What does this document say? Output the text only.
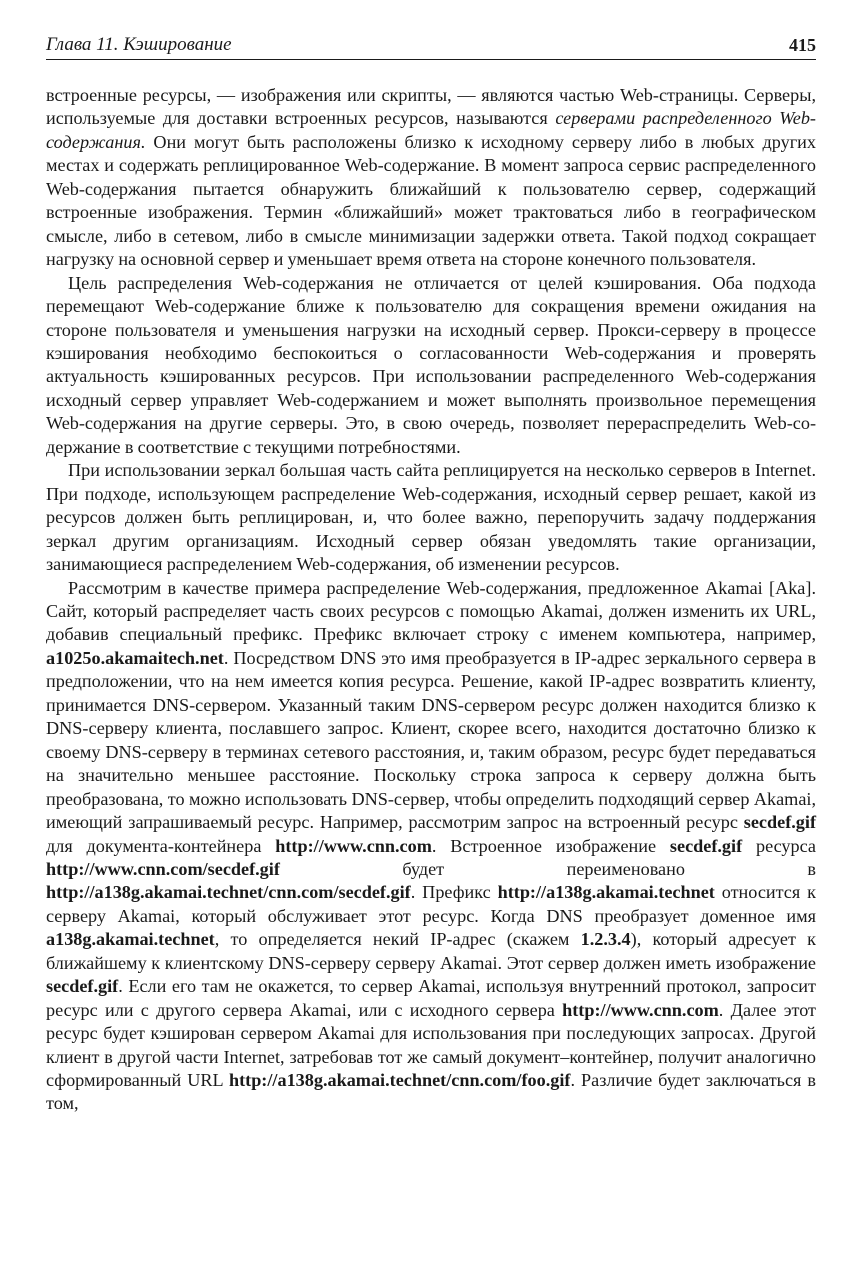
Глава 11. Кэширование	415

встроенные ресурсы, — изображения или скрипты, — являются частью Web-страницы. Серверы, используемые для доставки встроенных ресурсов, называются серверами распределенного Web-содержания. Они могут быть расположены близко к исходному серверу либо в любых других местах и содержать реплицированное Web-содержание. В момент запроса сервис распределенного Web-содержания пытается обнаружить ближайший к пользователю сервер, содержащий встроенные изображения. Термин «ближайший» может трактоваться либо в географическом смысле, либо в сетевом, либо в смысле минимизации задержки ответа. Такой подход сокращает нагрузку на основной сервер и уменьшает время ответа на стороне конечного пользователя.

Цель распределения Web-содержания не отличается от целей кэширования. Оба подхода перемещают Web-содержание ближе к пользователю для сокращения времени ожидания на стороне пользователя и уменьшения нагрузки на исходный сервер. Прокси-серверу в процессе кэширования необходимо беспокоиться о согласованности Web-содержания и проверять актуальность кэшированных ресурсов. При использовании распределенного Web-содержания исходный сервер управляет Web-содержанием и может выполнять произвольное перемещения Web-содержания на другие серверы. Это, в свою очередь, позволяет перераспределить Web-содержание в соответствие с текущими потребностями.

При использовании зеркал большая часть сайта реплицируется на несколько серверов в Internet. При подходе, использующем распределение Web-содержания, исходный сервер решает, какой из ресурсов должен быть реплицирован, и, что более важно, перепоручить задачу поддержания зеркал другим организациям. Исходный сервер обязан уведомлять такие организации, занимающиеся распределением Web-содержания, об изменении ресурсов.

Рассмотрим в качестве примера распределение Web-содержания, предложенное Akamai [Aka]. Сайт, который распределяет часть своих ресурсов с помощью Akamai, должен изменить их URL, добавив специальный префикс. Префикс включает строку с именем компьютера, например, a1025o.akamaitech.net. Посредством DNS это имя преобразуется в IP-адрес зеркального сервера в предположении, что на нем имеется копия ресурса. Решение, какой IP-адрес возвратить клиенту, принимается DNS-сервером. Указанный таким DNS-сервером ресурс должен находится близко к DNS-серверу клиента, пославшего запрос. Клиент, скорее всего, находится достаточно близко к своему DNS-серверу в терминах сетевого расстояния, и, таким образом, ресурс будет передаваться на значительно меньшее расстояние. Поскольку строка запроса к серверу должна быть преобразована, то можно использовать DNS-сервер, чтобы определить подходящий сервер Akamai, имеющий запрашиваемый ресурс. Например, рассмотрим запрос на встроенный ресурс secdef.gif для документа-контейнера http://www.cnn.com. Встроенное изображение secdef.gif ресурса http://www.cnn.com/​secdef.gif будет переименовано в http://a138g.akamai.technet/cnn.com/secdef.gif. Префикс http://a138g.akamai.technet относится к серверу Akamai, который обслуживает этот ресурс. Когда DNS преобразует доменное имя a138g.akamai.technet, то определяется некий IP-адрес (скажем 1.2.3.4), который адресует к ближайшему к клиентскому DNS-серверу серверу Akamai. Этот сервер должен иметь изображение secdef.gif. Если его там не окажется, то сервер Akamai, используя внутренний протокол, запросит ресурс или с другого сервера Akamai, или с исходного сервера http://www.cnn.com. Далее этот ресурс будет кэширован сервером Akamai для использования при последующих запросах. Другой клиент в другой части Internet, затребовав тот же самый документ–контейнер, получит аналогично сформированный URL http://a138g.akamai.technet/cnn.com/foo.gif. Различие будет заключаться в том,
